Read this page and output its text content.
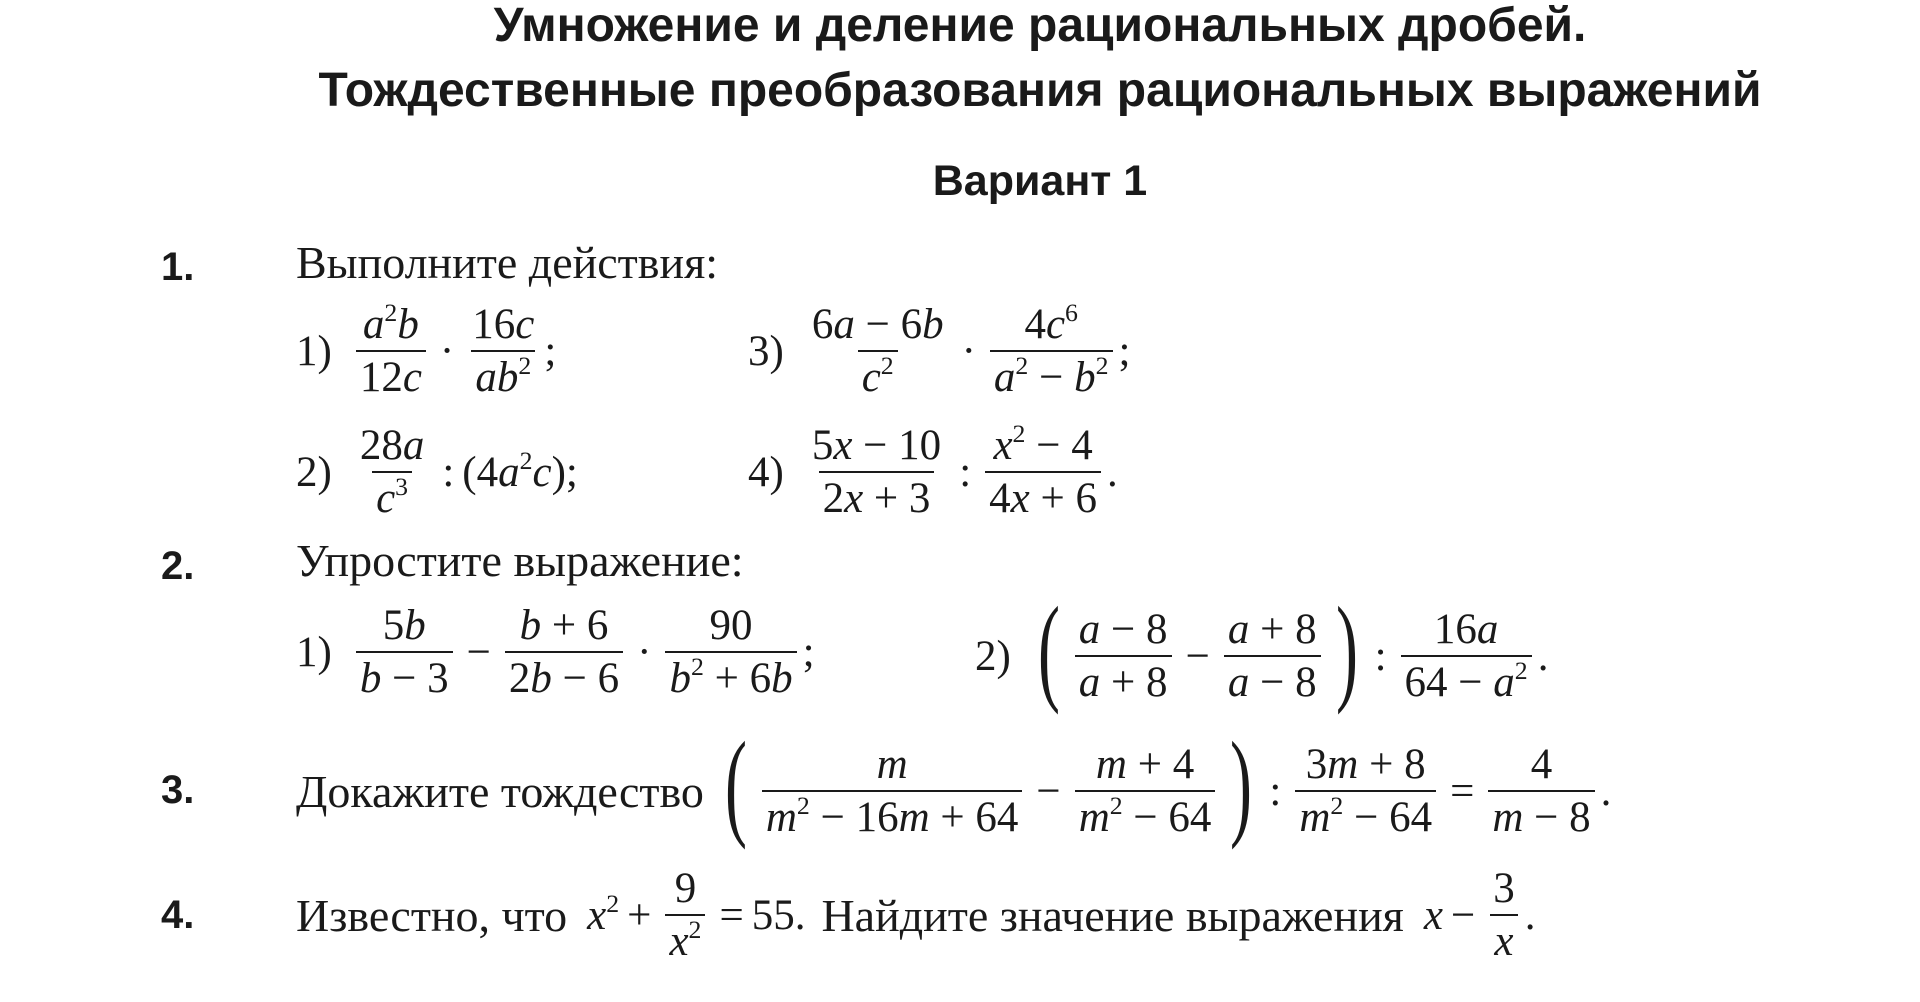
Умножение и деление рациональных дробей.
Тождественные преобразования рациональных выражений
Вариант 1
1. Выполните действия:
$1) \frac{a^2b}{12c} \cdot \frac{16c}{ab^2}$ ;
$2) \frac{28a}{c^3}$ : $(4a^2c)$;
$3) \frac{6a - 6b}{c^2} \cdot \frac{4c^6}{a^2 - b^2}$ ;
$4) \frac{5x - 10}{2x + 3}$ : $\frac{x^2 - 4}{4x + 6}$ .
2. Упростите выражение:
$1) \frac{5b}{b - 3} - \frac{b + 6}{2b - 6} \cdot \frac{90}{b^2 + 6b}$ ;	2) ( $\frac{a - 8}{a + 8} - \frac{a + 8}{a - 8}$ ) : $\frac{16a}{64 - a^2}$ .
3. Докажите тождество ( $\frac{m}{m^2 - 16m + 64} - \frac{m + 4}{m^2 - 64}$ ) : $\frac{3m + 8}{m^2 - 64} = \frac{4}{m - 8}$ .
4. Известно, что $x^2 + \frac{9}{x^2} = 55$. Найдите значение выражения $x - \frac{3}{x}$ .
